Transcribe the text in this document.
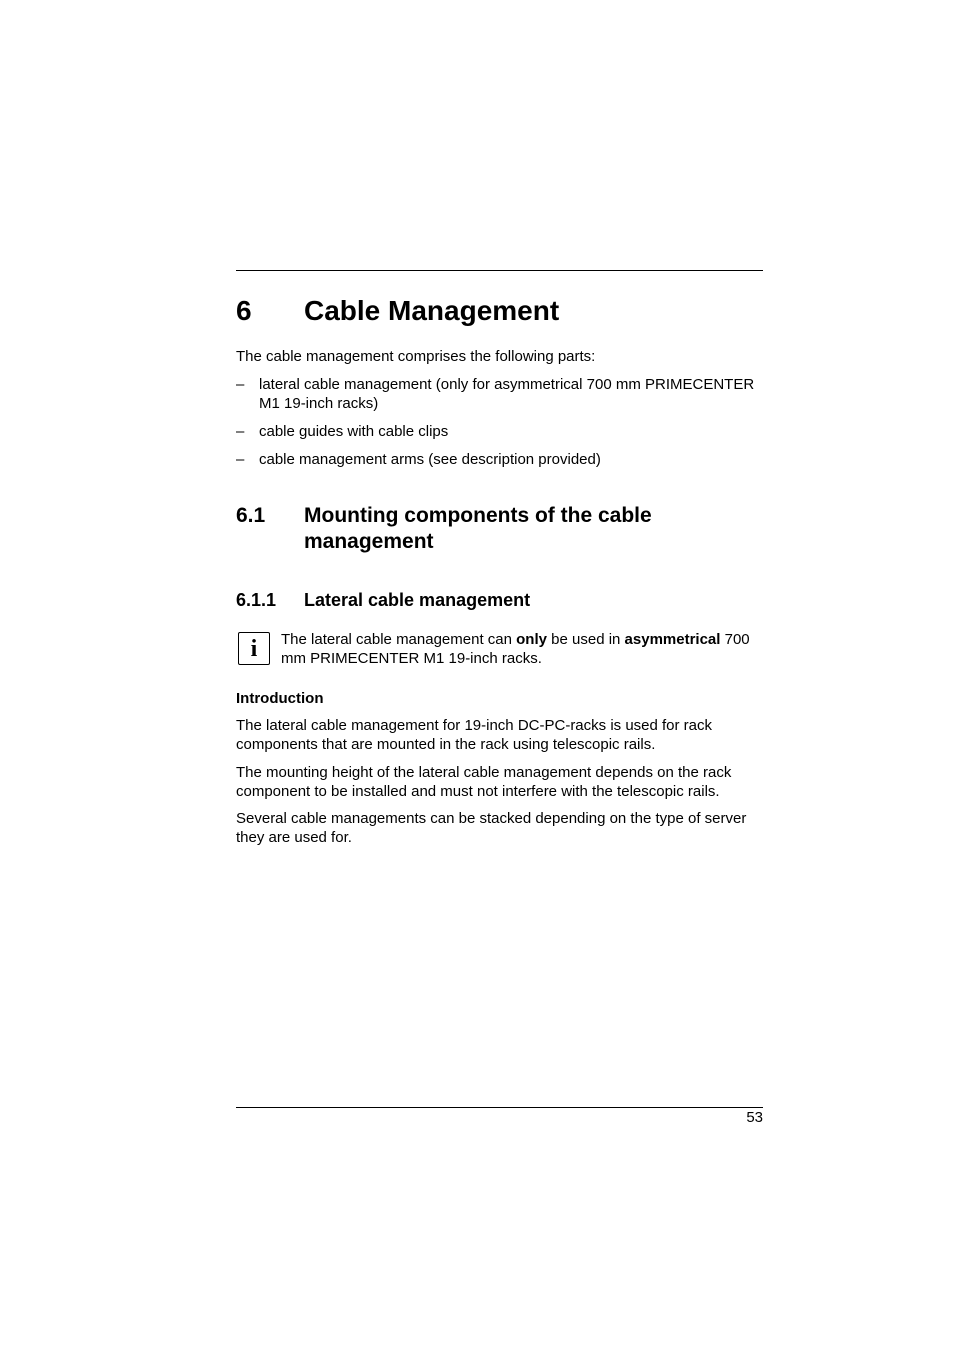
6 Cable Management

The cable management comprises the following parts:

– lateral cable management (only for asymmetrical 700 mm PRIMECENTER M1 19-inch racks)
– cable guides with cable clips
– cable management arms (see description provided)
6.1 Mounting components of the cable management
6.1.1 Lateral cable management
i The lateral cable management can only be used in asymmetrical 700 mm PRIMECENTER M1 19-inch racks.
Introduction

The lateral cable management for 19-inch DC-PC-racks is used for rack components that are mounted in the rack using telescopic rails.

The mounting height of the lateral cable management depends on the rack component to be installed and must not interfere with the telescopic rails.

Several cable managements can be stacked depending on the type of server they are used for.

53
